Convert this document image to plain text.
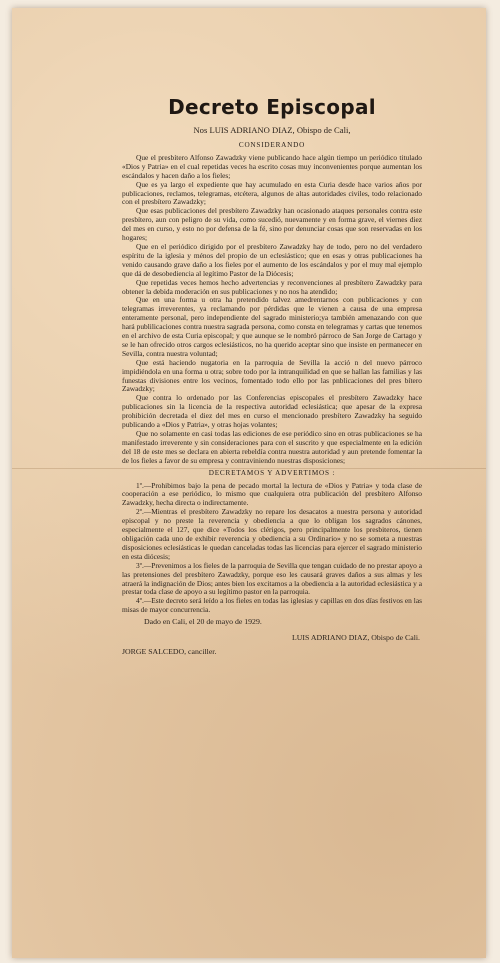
Decreto Episcopal
Nos LUIS ADRIANO DIAZ, Obispo de Cali,
CONSIDERANDO

Que el presbítero Alfonso Zawadzky viene publicando hace algún tiempo un periódico titulado «Dios y Patria» en el cual repetidas veces ha escrito cosas muy inconvenientes porque aumentan los escándalos y hacen daño a los fieles;

Que es ya largo el expediente que hay acumulado en esta Curia desde hace varios años por publicaciones, reclamos, telegramas, etcétera, algunos de altas autoridades civiles, todo relacionado con el presbítero Zawadzky;

Que esas publicaciones del presbítero Zawadzky han ocasionado ataques personales contra este presbítero, aun con peligro de su vida, como sucedió, nuevamente y en forma grave, el viernes diez del mes en curso, y esto no por defensa de la fé, sino por denunciar cosas que son reservadas en los hogares;

Que en el periódico dirigido por el presbítero Zawadzky hay de todo, pero no del verdadero espíritu de la iglesia y ménos del propio de un eclesiástico; que en esas y otras publicaciones ha venido causando grave daño a los fieles por el aumento de los escándalos y por el muy mal ejemplo que dá de desobediencia al legítimo Pastor de la Diócesis;

Que repetidas veces hemos hecho advertencias y reconvenciones al presbítero Zawadzky para obtener la debida moderación en sus publicaciones y no nos ha atendido;

Que en una forma u otra ha pretendido talvez amedrentarnos con publicaciones y con telegramas irreverentes, ya reclamando por pérdidas que le vienen a causa de una empresa enteramente personal, pero independiente del sagrado ministerio;ya también amenazando con que hará publilicaciones contra nuestra sagrada persona, como consta en telegramas y cartas que tenemos en el archivo de esta Curia episcopal; y que aunque se le nombró párroco de San Jorge de Cartago y se le han ofrecido otros cargos eclesiásticos, no ha querido aceptar sino que insiste en permanecer en Sevilla, contra nuestra voluntad;

Que está haciendo nugatoria en la parroquia de Sevilla la acció n del nuevo párroco impidiéndola en una forma u otra; sobre todo por la intranquilidad en que se hallan las familias y las funestas divisiones entre los vecinos, fomentado todo ello por las pnblicaciones del pres bítero Zawadzky;

Que contra lo ordenado por las Conferencias episcopales el presbítero Zawadzky hace publicaciones sin la licencia de la respectiva autoridad eclesiástica; que apesar de la expresa prohibición decretada el diez del mes en curso el mencionado presbítero Zawadzky ha seguido publicando a «Dios y Patria», y otras hojas volantes;

Que no solamente en casi todas las ediciones de ese periódico sino en otras publicaciones se ha manifestado irreverente y sin consideraciones para con el suscrito y que especialmente en la edición del 18 de este mes se declara en abierta rebeldía contra nuestra autoridad y aun pretende fomentar la de los fieles a favor de su empresa y contraviniendo nuestras disposiciones;

DECRETAMOS Y ADVERTIMOS :

1º.—Prohibimos bajo la pena de pecado mortal la lectura de «Dios y Patria» y toda clase de cooperación a ese periódico, lo mismo que cualquiera otra publicación del presbítero Alfonso Zawadzky, hecha directa o indirectamente.

2º.—Mientras el presbítero Zawadzky no repare los desacatos a nuestra persona y autoridad episcopal y no preste la reverencia y obediencia a que lo obligan los sagrados cánones, especialmente el 127, que dice «Todos los clérigos, pero principalmente los presbiteros, tienen obligación cada uno de exhibir reverencia y obediencia a su Ordinario» y no se someta a nuestras disposiciones eclesiásticas le quedan canceladas todas las licencias para ejercer el sagrado ministerio en esta diócesis;

3º.—Prevenimos a los fieles de la parroquia de Sevilla que tengan cuidado de no prestar apoyo a las pretensiones del presbítero Zawadzky, porque eso les causará graves daños a sus almas y les atraerá la indignación de Dios; antes bien los excitamos a la obediencia a la autoridad eclesiástica y a prestar toda clase de apoyo a su legítimo pastor en la parroquia.

4º.—Este decreto será leído a los fieles en todas las iglesias y capillas en dos días festivos en las misas de mayor concurrencia.

Dado en Cali, el 20 de mayo de 1929.
LUIS ADRIANO DIAZ, Obispo de Cali.
JORGE SALCEDO, canciller.
